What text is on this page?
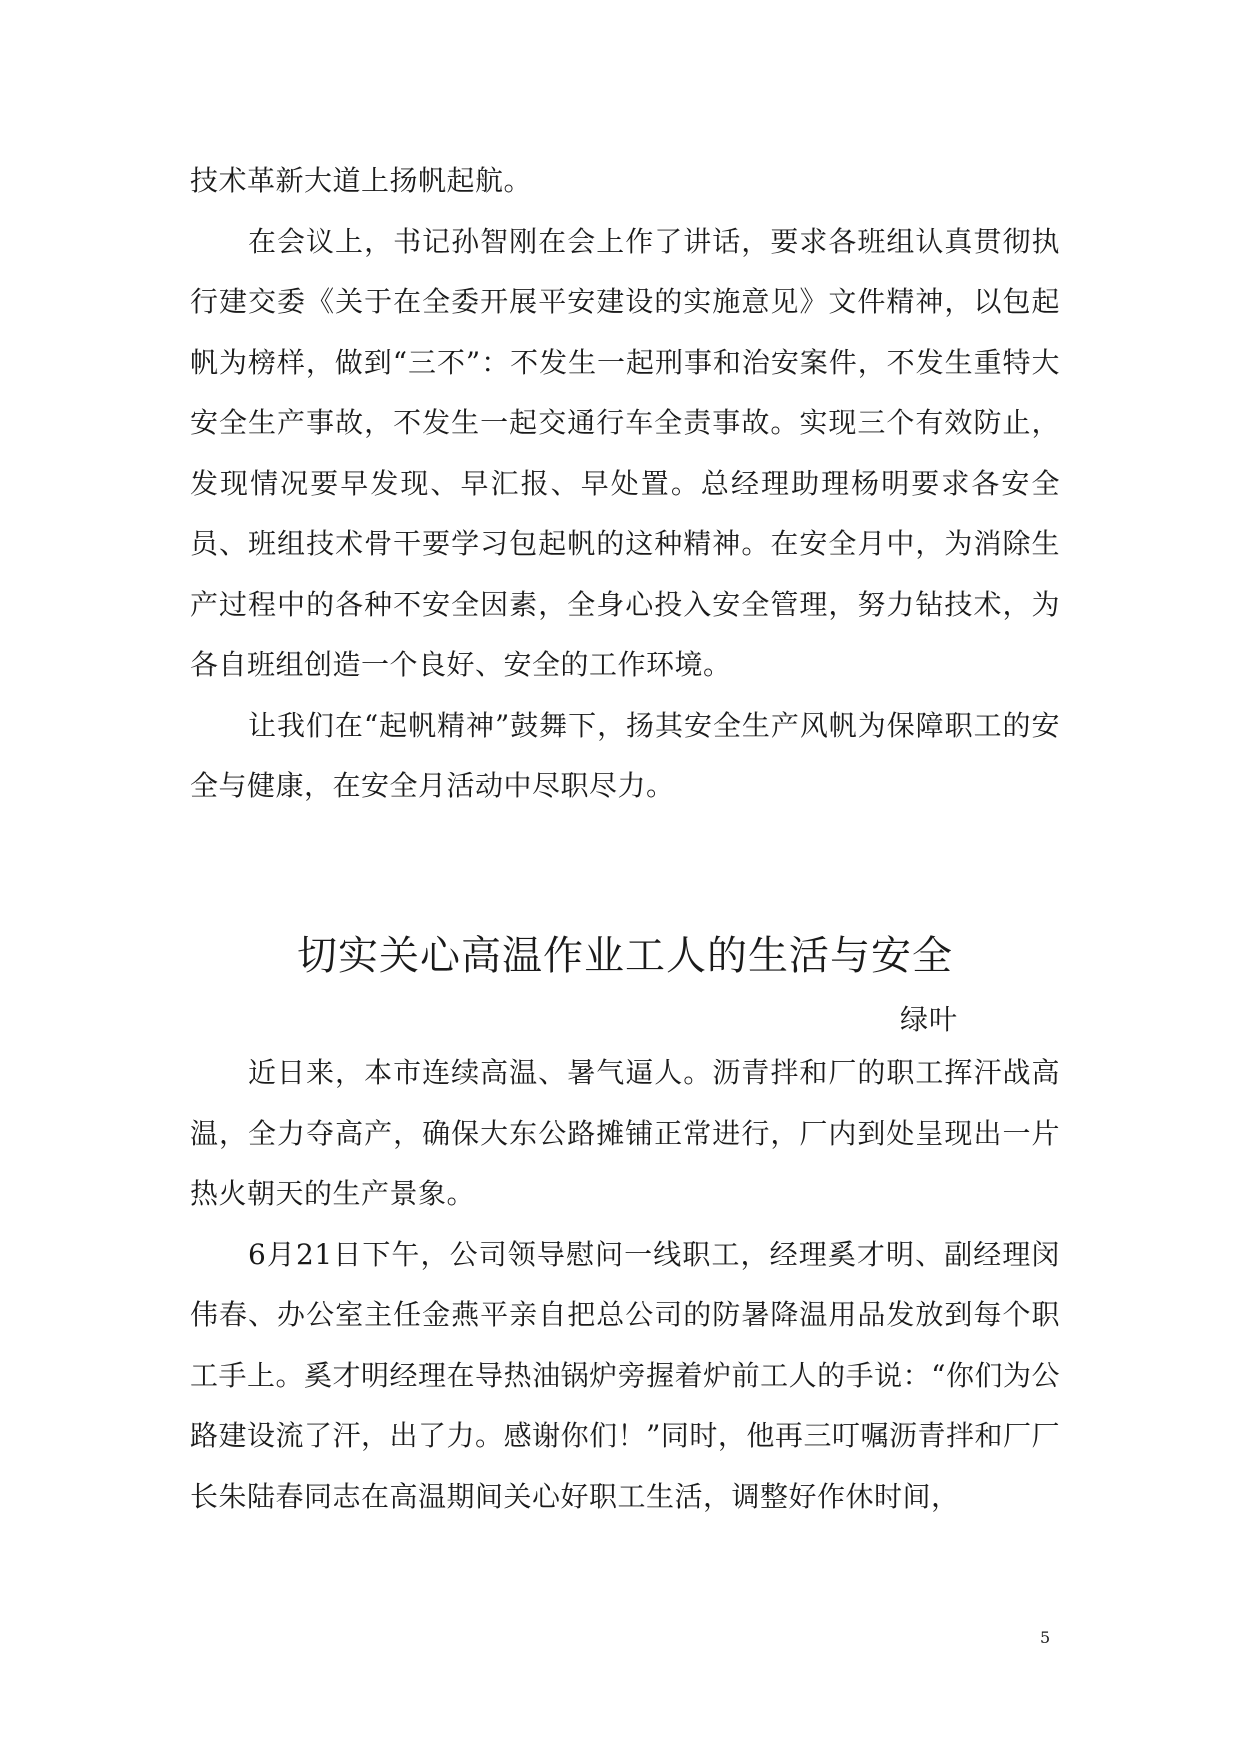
技术革新大道上扬帆起航。

在会议上，书记孙智刚在会上作了讲话，要求各班组认真贯彻执行建交委《关于在全委开展平安建设的实施意见》文件精神，以包起帆为榜样，做到“三不”：不发生一起刑事和治安案件，不发生重特大安全生产事故，不发生一起交通行车全责事故。实现三个有效防止，发现情况要早发现、早汇报、早处置。总经理助理杨明要求各安全员、班组技术骨干要学习包起帆的这种精神。在安全月中，为消除生产过程中的各种不安全因素，全身心投入安全管理，努力钻技术，为各自班组创造一个良好、安全的工作环境。

让我们在“起帆精神”鼓舞下，扬其安全生产风帆为保障职工的安全与健康，在安全月活动中尽职尽力。

切实关心高温作业工人的生活与安全

绿叶

近日来，本市连续高温、暑气逼人。沥青拌和厂的职工挥汗战高温，全力夺高产，确保大东公路摊铺正常进行，厂内到处呈现出一片热火朝天的生产景象。

6月21日下午，公司领导慰问一线职工，经理奚才明、副经理闵伟春、办公室主任金燕平亲自把总公司的防暑降温用品发放到每个职工手上。奚才明经理在导热油锅炉旁握着炉前工人的手说：“你们为公路建设流了汗，出了力。感谢你们！”同时，他再三叮嘱沥青拌和厂厂长朱陆春同志在高温期间关心好职工生活，调整好作休时间，

5
